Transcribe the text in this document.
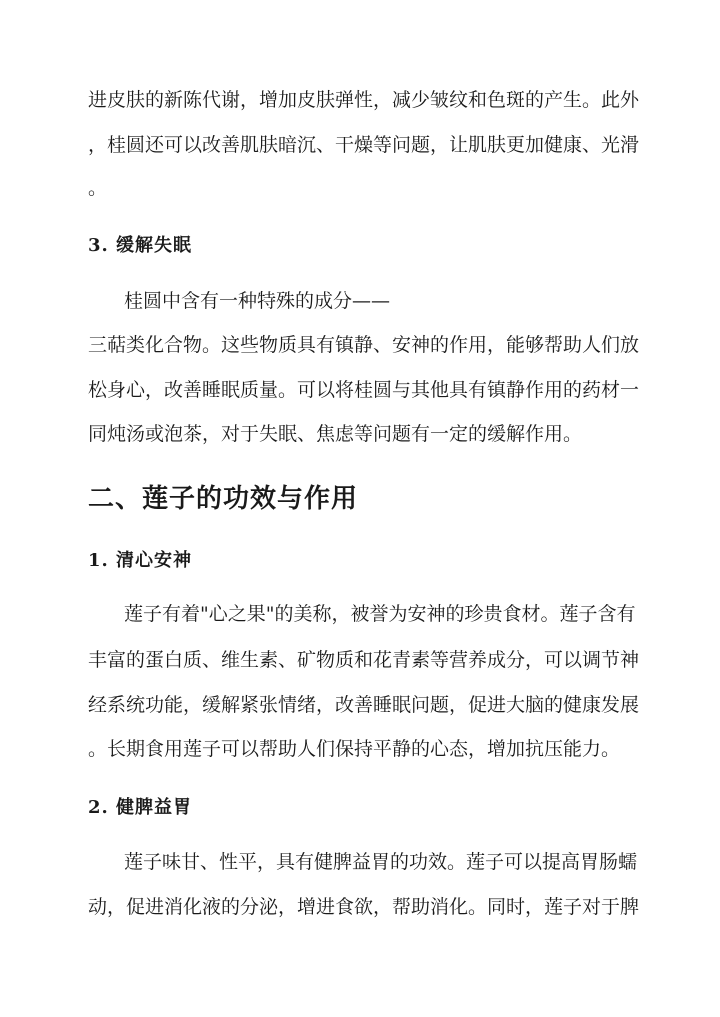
进皮肤的新陈代谢，增加皮肤弹性，减少皱纹和色斑的产生。此外
，桂圆还可以改善肌肤暗沉、干燥等问题，让肌肤更加健康、光滑
。
3. 缓解失眠
桂圆中含有一种特殊的成分——
三萜类化合物。这些物质具有镇静、安神的作用，能够帮助人们放
松身心，改善睡眠质量。可以将桂圆与其他具有镇静作用的药材一
同炖汤或泡茶，对于失眠、焦虑等问题有一定的缓解作用。
二、莲子的功效与作用
1. 清心安神
莲子有着"心之果"的美称，被誉为安神的珍贵食材。莲子含有
丰富的蛋白质、维生素、矿物质和花青素等营养成分，可以调节神
经系统功能，缓解紧张情绪，改善睡眠问题，促进大脑的健康发展
。长期食用莲子可以帮助人们保持平静的心态，增加抗压能力。
2. 健脾益胃
莲子味甘、性平，具有健脾益胃的功效。莲子可以提高胃肠蠕
动，促进消化液的分泌，增进食欲，帮助消化。同时，莲子对于脾
